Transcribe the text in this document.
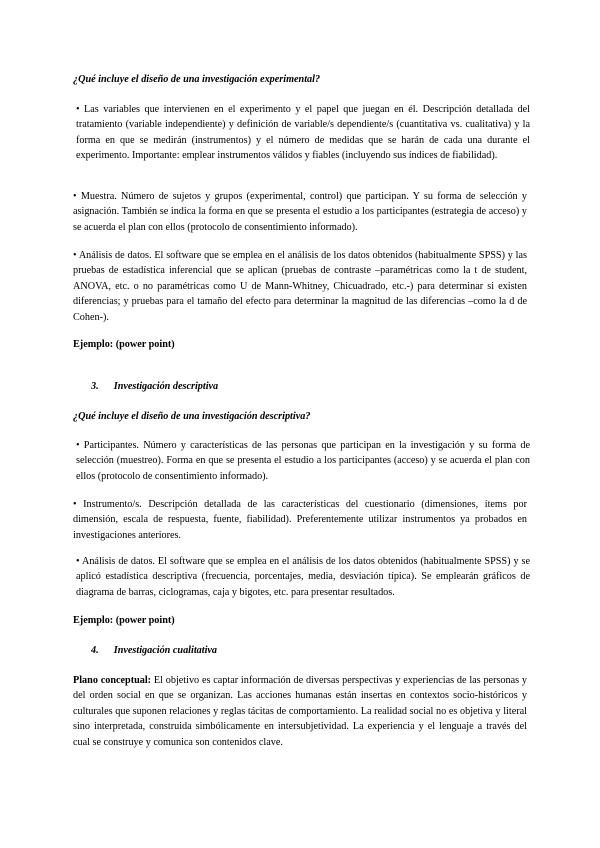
¿Qué incluye el diseño de una investigación experimental?
• Las variables que intervienen en el experimento y el papel que juegan en él. Descripción detallada del tratamiento (variable independiente) y definición de variable/s dependiente/s (cuantitativa vs. cualitativa) y la forma en que se medirán (instrumentos) y el número de medidas que se harán de cada una durante el experimento. Importante: emplear instrumentos válidos y fiables (incluyendo sus índices de fiabilidad).
• Muestra. Número de sujetos y grupos (experimental, control) que participan. Y su forma de selección y asignación. También se indica la forma en que se presenta el estudio a los participantes (estrategia de acceso) y se acuerda el plan con ellos (protocolo de consentimiento informado).
• Análisis de datos. El software que se emplea en el análisis de los datos obtenidos (habitualmente SPSS) y las pruebas de estadística inferencial que se aplican (pruebas de contraste –paramétricas como la t de student, ANOVA, etc. o no paramétricas como U de Mann-Whitney, Chicuadrado, etc.-) para determinar si existen diferencias; y pruebas para el tamaño del efecto para determinar la magnitud de las diferencias –como la d de Cohen-).
Ejemplo: (power point)
3. Investigación descriptiva
¿Qué incluye el diseño de una investigación descriptiva?
• Participantes. Número y características de las personas que participan en la investigación y su forma de selección (muestreo). Forma en que se presenta el estudio a los participantes (acceso) y se acuerda el plan con ellos (protocolo de consentimiento informado).
• Instrumento/s. Descripción detallada de las características del cuestionario (dimensiones, ítems por dimensión, escala de respuesta, fuente, fiabilidad). Preferentemente utilizar instrumentos ya probados en investigaciones anteriores.
• Análisis de datos. El software que se emplea en el análisis de los datos obtenidos (habitualmente SPSS) y se aplicó estadística descriptiva (frecuencia, porcentajes, media, desviación típica). Se emplearán gráficos de diagrama de barras, ciclogramas, caja y bigotes, etc. para presentar resultados.
Ejemplo: (power point)
4. Investigación cualitativa
Plano conceptual: El objetivo es captar información de diversas perspectivas y experiencias de las personas y del orden social en que se organizan. Las acciones humanas están insertas en contextos socio-históricos y culturales que suponen relaciones y reglas tácitas de comportamiento. La realidad social no es objetiva y literal sino interpretada, construida simbólicamente en intersubjetividad. La experiencia y el lenguaje a través del cual se construye y comunica son contenidos clave.
